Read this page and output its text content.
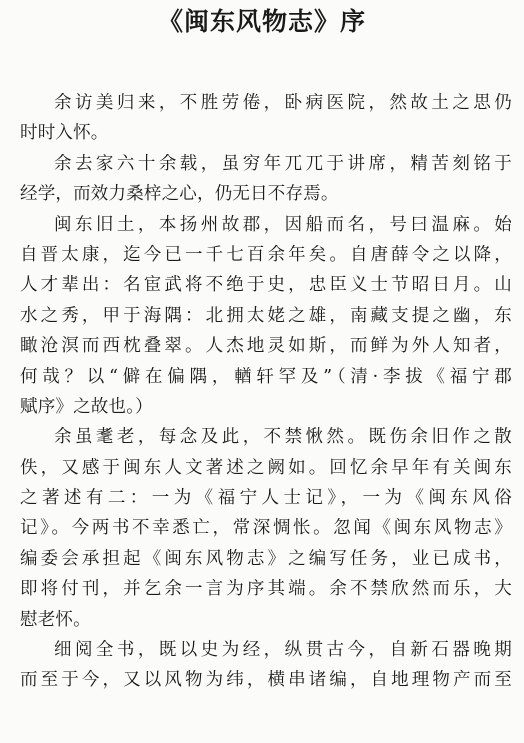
《闽东风物志》序
余访美归来，不胜劳倦，卧病医院，然故土之思仍
时时入怀。
余去家六十余载，虽穷年兀兀于讲席，精苦刻铭于
经学，而效力桑梓之心，仍无日不存焉。
闽东旧土，本扬州故郡，因船而名，号曰温麻。始
自晋太康，迄今已一千七百余年矣。自唐薛令之以降，
人才辈出：名宦武将不绝于史，忠臣义士节昭日月。山
水之秀，甲于海隅：北拥太姥之雄，南藏支提之幽，东
瞰沧溟而西枕叠翠。人杰地灵如斯，而鲜为外人知者，
何哉？以“僻在偏隅，輶轩罕及”（清·李拔《福宁郡
赋序》之故也。）
余虽耄老，每念及此，不禁愀然。既伤余旧作之散
佚，又感于闽东人文著述之阙如。回忆余早年有关闽东
之著述有二：一为《福宁人士记》，一为《闽东风俗
记》。今两书不幸悉亡，常深惆怅。忽闻《闽东风物志》
编委会承担起《闽东风物志》之编写任务，业已成书，
即将付刊，并乞余一言为序其端。余不禁欣然而乐，大
慰老怀。
细阅全书，既以史为经，纵贯古今，自新石器晚期
而至于今，又以风物为纬，横串诸编，自地理物产而至
